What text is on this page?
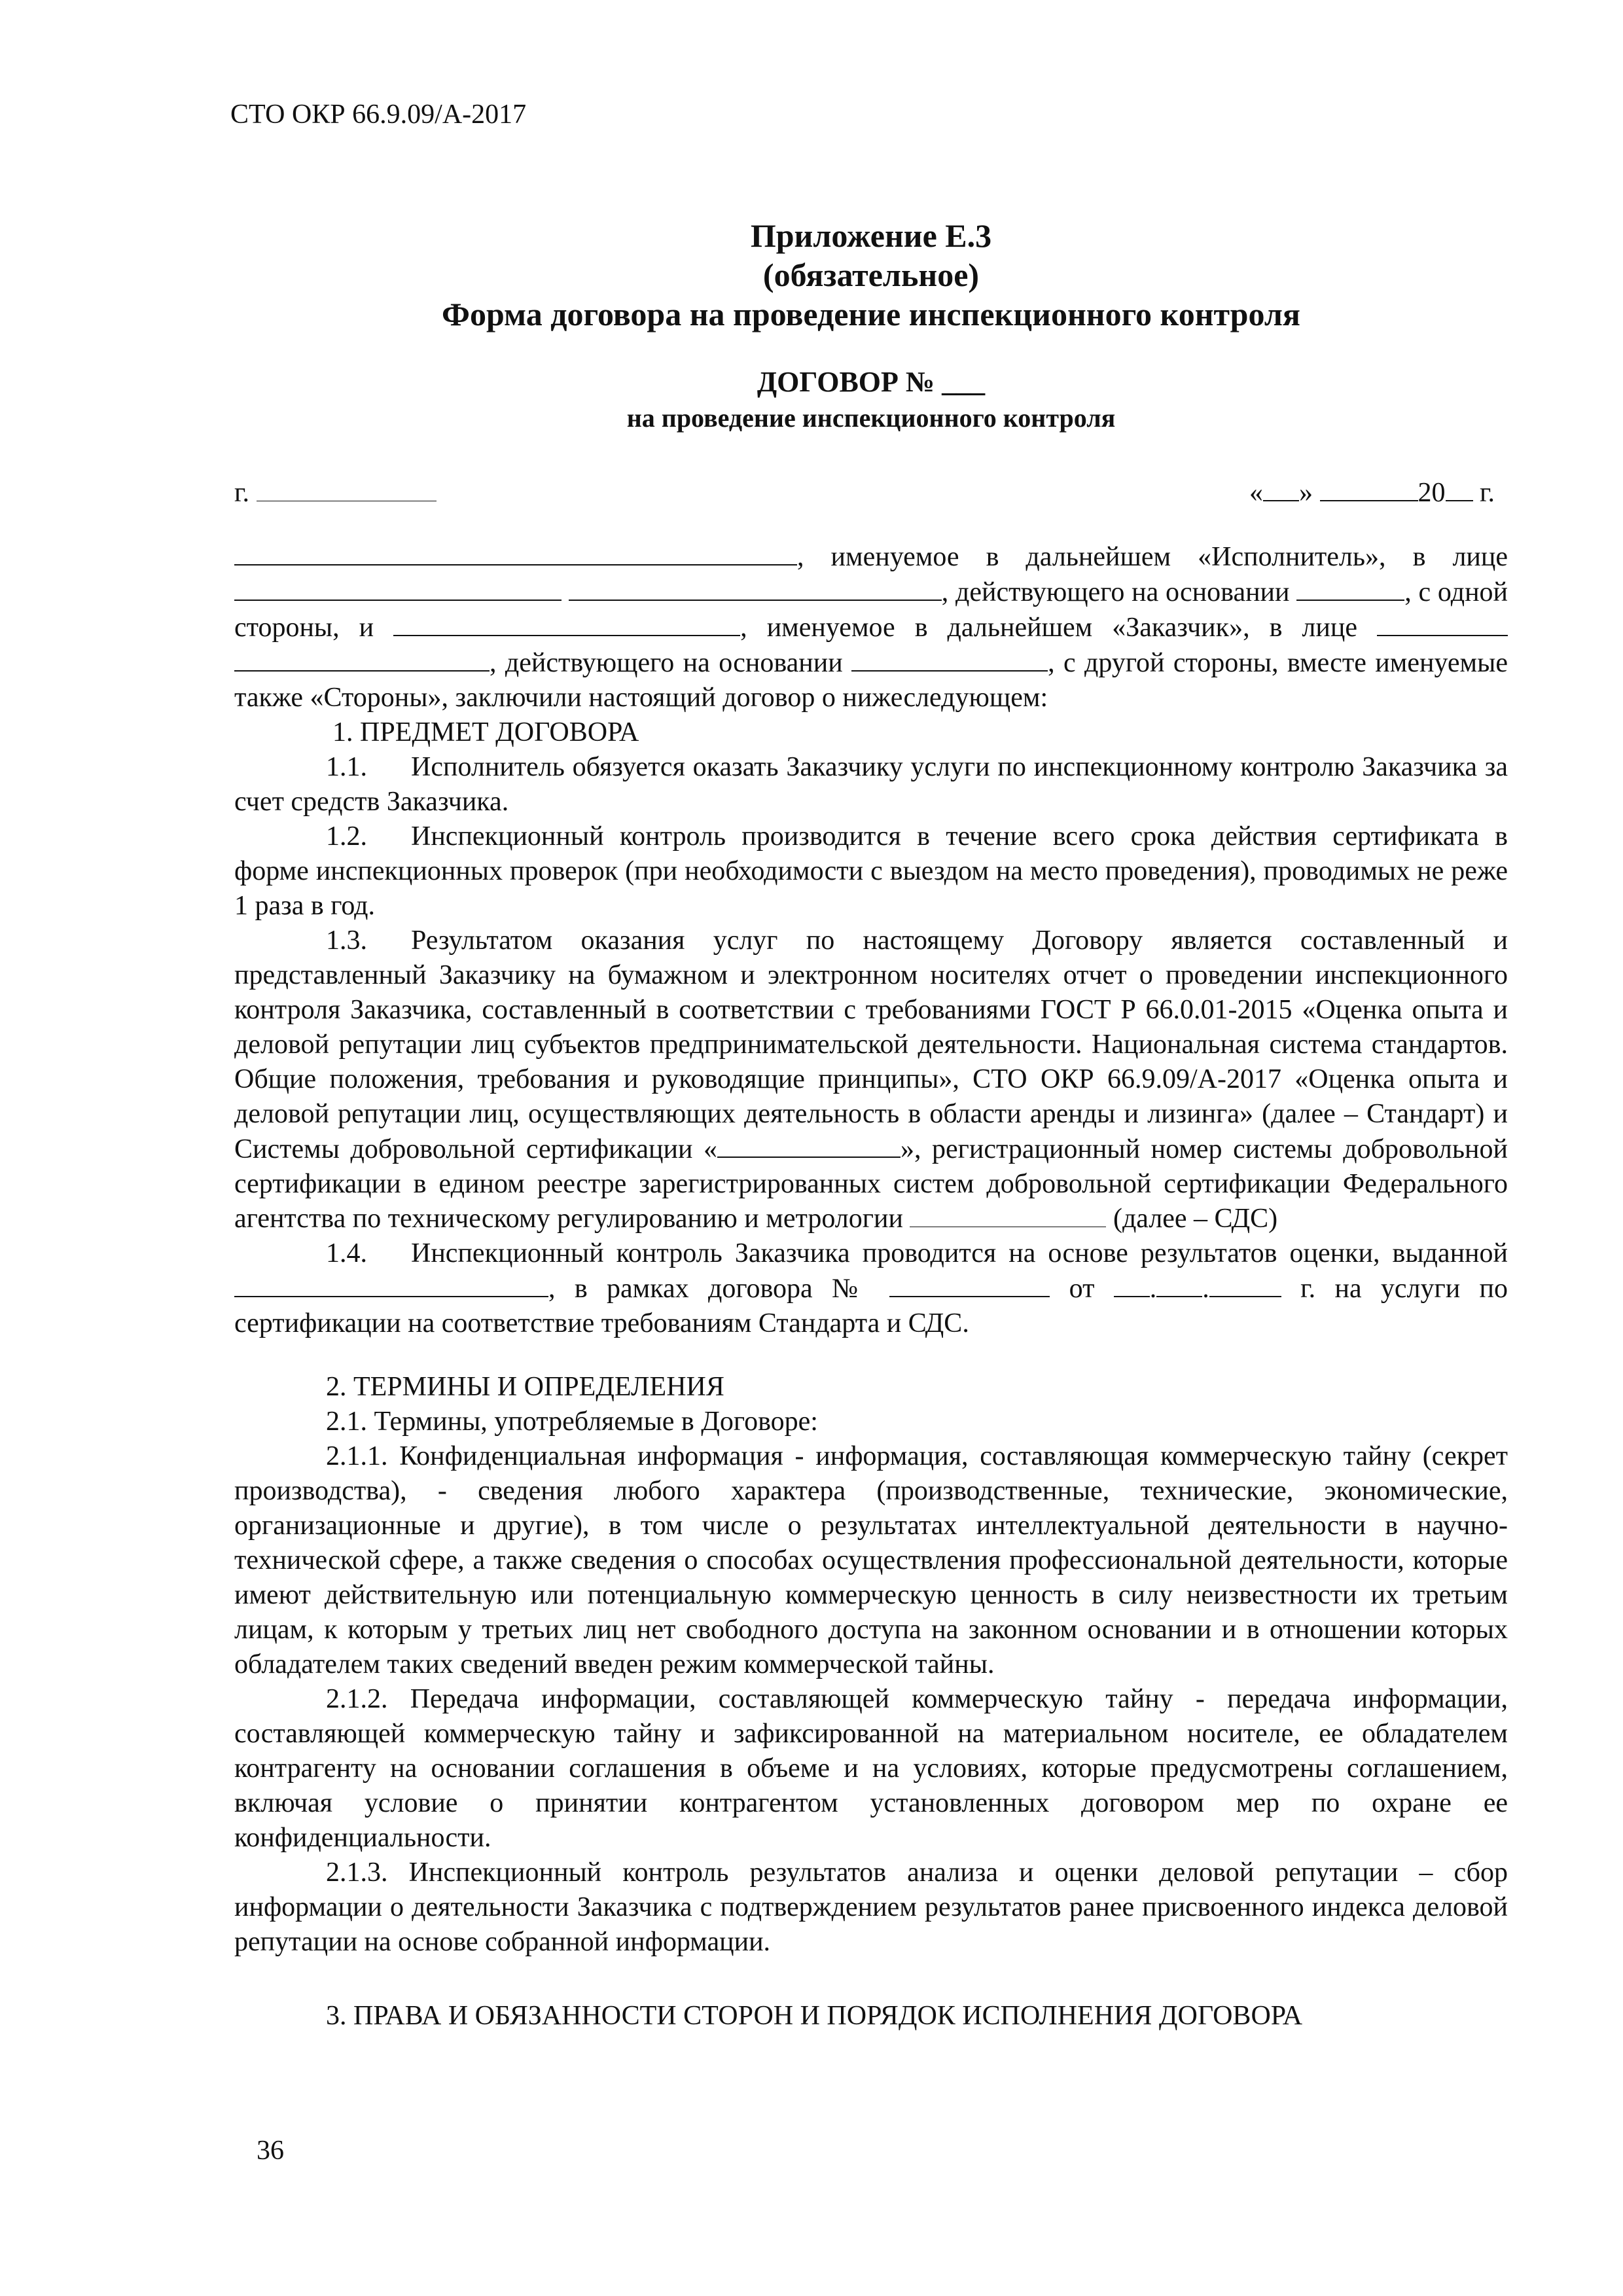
СТО ОКР 66.9.09/А-2017
Приложение Е.3
(обязательное)
Форма договора на проведение инспекционного контроля
ДОГОВОР № ___
на проведение инспекционного контроля
г.	« »	20 г.

, именуемое в дальнейшем «Исполнитель», в лице  , действующего на основании	, с одной стороны, и	, именуемое в дальнейшем «Заказчик», в лице  , действующего на основании	, с другой стороны, вместе именуемые также «Стороны», заключили настоящий договор о нижеследующем:

1. ПРЕДМЕТ ДОГОВОРА

1.1. Исполнитель обязуется оказать Заказчику услуги по инспекционному контролю Заказчика за счет средств Заказчика.

1.2. Инспекционный контроль производится в течение всего срока действия сертификата в форме инспекционных проверок (при необходимости с выездом на место проведения), проводимых не реже 1 раза в год.

1.3. Результатом оказания услуг по настоящему Договору является составленный и представленный Заказчику на бумажном и электронном носителях отчет о проведении инспекционного контроля Заказчика, составленный в соответствии с требованиями ГОСТ Р 66.0.01-2015 «Оценка опыта и деловой репутации лиц субъектов предпринимательской деятельности. Национальная система стандартов. Общие положения, требования и руководящие принципы», СТО ОКР 66.9.09/А-2017 «Оценка опыта и деловой репутации лиц, осуществляющих деятельность в области аренды и лизинга» (далее – Стандарт) и Системы добровольной сертификации «	», регистрационный номер системы добровольной сертификации в едином реестре зарегистрированных систем добровольной сертификации Федерального агентства по техническому регулированию и метрологии	(далее – СДС)

1.4. Инспекционный контроль Заказчика проводится на основе результатов оценки, выданной , в рамках договора №	от . .	г. на услуги по сертификации на соответствие требованиям Стандарта и СДС.

2. ТЕРМИНЫ И ОПРЕДЕЛЕНИЯ

2.1. Термины, употребляемые в Договоре:

2.1.1. Конфиденциальная информация - информация, составляющая коммерческую тайну (секрет производства), - сведения любого характера (производственные, технические, экономические, организационные и другие), в том числе о результатах интеллектуальной деятельности в научно-технической сфере, а также сведения о способах осуществления профессиональной деятельности, которые имеют действительную или потенциальную коммерческую ценность в силу неизвестности их третьим лицам, к которым у третьих лиц нет свободного доступа на законном основании и в отношении которых обладателем таких сведений введен режим коммерческой тайны.

2.1.2. Передача информации, составляющей коммерческую тайну - передача информации, составляющей коммерческую тайну и зафиксированной на материальном носителе, ее обладателем контрагенту на основании соглашения в объеме и на условиях, которые предусмотрены соглашением, включая условие о принятии контрагентом установленных договором мер по охране ее конфиденциальности.

2.1.3. Инспекционный контроль результатов анализа и оценки деловой репутации – сбор информации о деятельности Заказчика с подтверждением результатов ранее присвоенного индекса деловой репутации на основе собранной информации.

3. ПРАВА И ОБЯЗАННОСТИ СТОРОН И ПОРЯДОК ИСПОЛНЕНИЯ ДОГОВОРА

36
